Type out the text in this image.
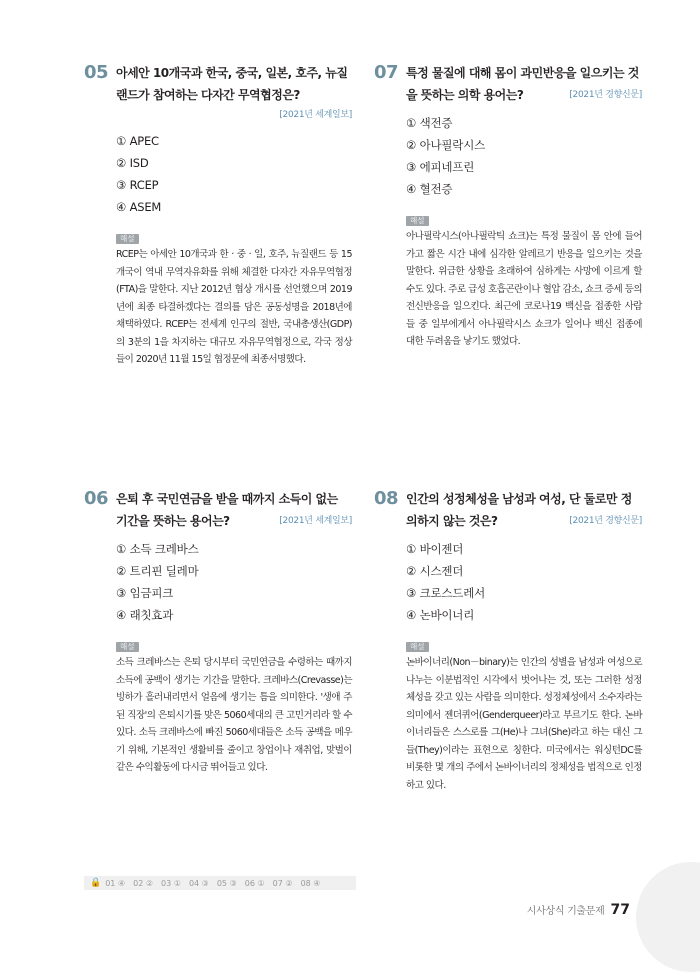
05 아세안 10개국과 한국, 중국, 일본, 호주, 뉴질랜드가 참여하는 다자간 무역협정은?
[2021년 세계일보]
① APEC
② ISD
③ RCEP
④ ASEM
해설

RCEP는 아세안 10개국과 한 · 중 · 일, 호주, 뉴질랜드 등 15개국이 역내 무역자유화를 위해 체결한 다자간 자유무역협정(FTA)을 말한다. 지난 2012년 협상 개시를 선언했으며 2019년에 최종 타결하겠다는 결의를 담은 공동성명을 2018년에 채택하였다. RCEP는 전세계 인구의 절반, 국내총생산(GDP)의 3분의 1을 차지하는 대규모 자유무역협정으로, 각국 정상들이 2020년 11월 15일 협정문에 최종서명했다.

07 특정 물질에 대해 몸이 과민반응을 일으키는 것을 뜻하는 의학 용어는?	[2021년 경향신문]
① 색전증
② 아나필락시스
③ 에피네프린
④ 혈전증
해설

아나필락시스(아나필락틱 쇼크)는 특정 물질이 몸 안에 들어가고 짧은 시간 내에 심각한 알레르기 반응을 일으키는 것을 말한다. 위급한 상황을 초래하여 심하게는 사망에 이르게 할 수도 있다. 주로 급성 호흡곤란이나 혈압 감소, 쇼크 증세 등의 전신반응을 일으킨다. 최근에 코로나19 백신을 접종한 사람들 중 일부에게서 아나필락시스 쇼크가 일어나 백신 접종에 대한 두려움을 낳기도 했었다.

06 은퇴 후 국민연금을 받을 때까지 소득이 없는 기간을 뜻하는 용어는?	[2021년 세계일보]
① 소득 크레바스
② 트리핀 딜레마
③ 임금피크
④ 래칫효과
해설

소득 크레바스는 은퇴 당시부터 국민연금을 수령하는 때까지 소득에 공백이 생기는 기간을 말한다. 크레바스(Crevasse)는 빙하가 흘러내리면서 얼음에 생기는 틈을 의미한다. '생애 주된 직장'의 은퇴시기를 맞은 5060세대의 큰 고민거리라 할 수 있다. 소득 크레바스에 빠진 5060세대들은 소득 공백을 메우기 위해, 기본적인 생활비를 줄이고 창업이나 재취업, 맞벌이 같은 수익활동에 다시금 뛰어들고 있다.

08 인간의 성정체성을 남성과 여성, 단 둘로만 정의하지 않는 것은?	[2021년 경향신문]
① 바이젠더
② 시스젠더
③ 크로스드레서
④ 논바이너리
해설

논바이너리(Non－binary)는 인간의 성별을 남성과 여성으로 나누는 이분법적인 시각에서 벗어나는 것, 또는 그러한 성정체성을 갖고 있는 사람을 의미한다. 성정체성에서 소수자라는 의미에서 젠더퀴어(Genderqueer)라고 부르기도 한다. 논바이너리들은 스스로를 그(He)나 그녀(She)라고 하는 대신 그들(They)이라는 표현으로 칭한다. 미국에서는 워싱턴DC를 비롯한 몇 개의 주에서 논바이너리의 정체성을 법적으로 인정하고 있다.

🔒 01 ④ 02 ② 03 ① 04 ③ 05 ③ 06 ① 07 ② 08 ④
시사상식 기출문제 77
